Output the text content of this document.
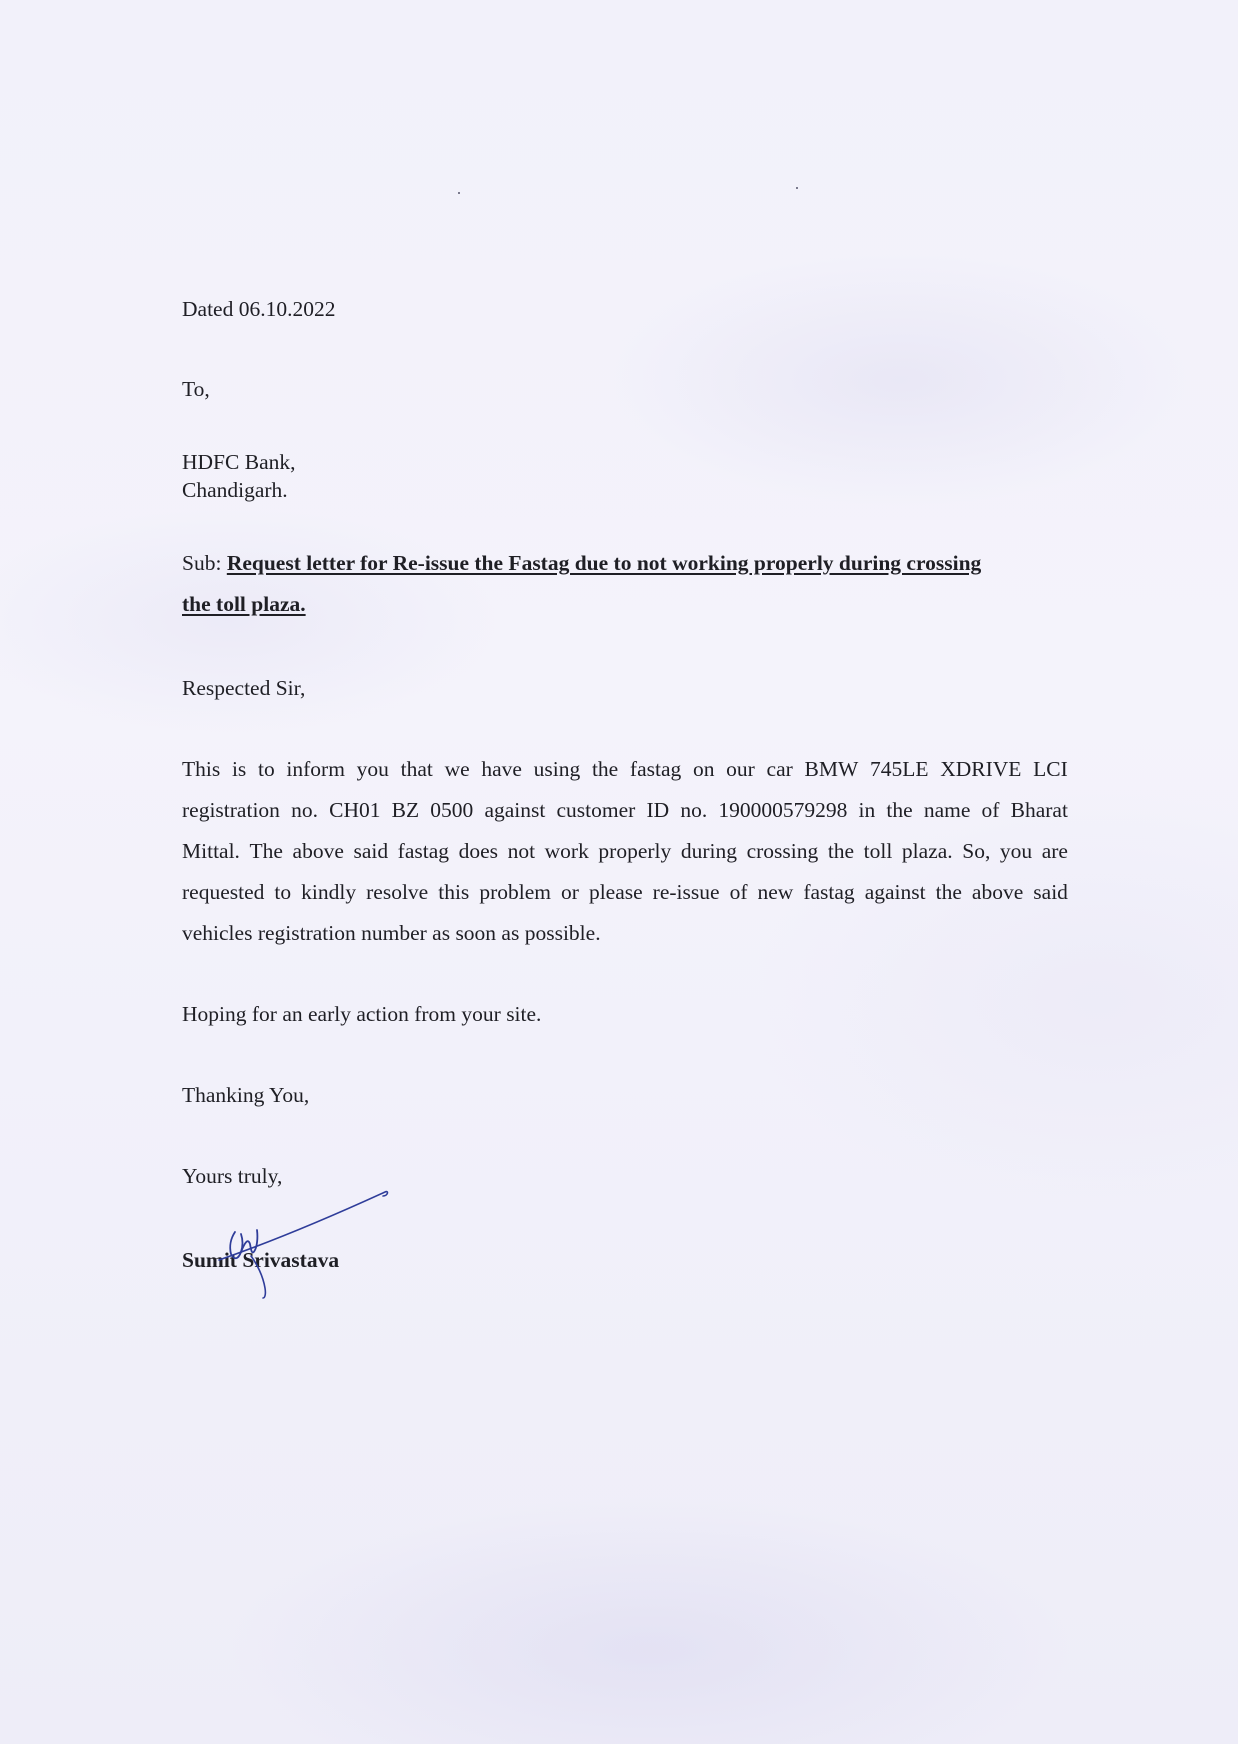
Dated 06.10.2022
To,
HDFC Bank,
Chandigarh.
Sub: Request letter for Re-issue the Fastag due to not working properly during crossing
the toll plaza.
Respected Sir,
This is to inform you that we have using the fastag on our car BMW 745LE XDRIVE LCI
registration no. CH01 BZ 0500 against customer ID no. 190000579298 in the name of Bharat
Mittal. The above said fastag does not work properly during crossing the toll plaza. So, you are
requested to kindly resolve this problem or please re-issue of new fastag against the above said
vehicles registration number as soon as possible.
Hoping for an early action from your site.
Thanking You,
Yours truly,
Sumit Srivastava
